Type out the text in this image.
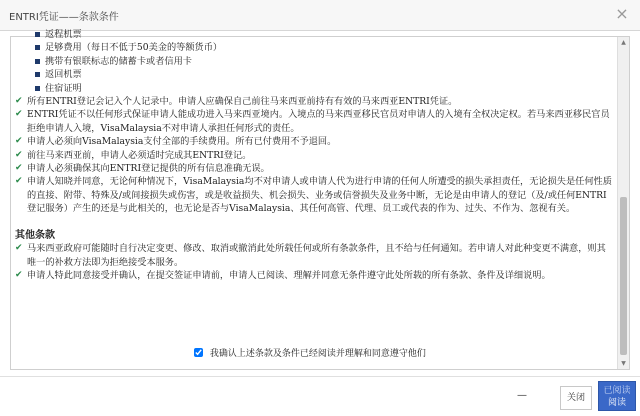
ENTRI凭证——条款条件	×
返程机票
足够费用（每日不低于50美金的等额货币）
携带有银联标志的储蓄卡或者信用卡
返回机票
住宿证明
✔ 所有ENTRI登记会记入个人记录中。申请人应确保自己前往马来西亚前持有有效的马来西亚ENTRI凭证。
✔ ENTRI凭证不以任何形式保证申请人能成功进入马来西亚境内。入境点的马来西亚移民官员对申请人的入境有全权决定权。若马来西亚移民官员拒绝申请人入境，VisaMalaysia不对申请人承担任何形式的责任。
✔ 申请人必须向VisaMalaysia支付全部的手续费用。所有已付费用不予退回。
✔ 前往马来西亚前，申请人必须适时完成其ENTRI登记。
✔ 申请人必须确保其向ENTRI登记提供的所有信息准确无误。
✔ 申请人知晓并同意，无论何种情况下，VisaMalaysia均不对申请人或申请人代为进行申请的任何人所遭受的损失承担责任，无论损失是任何性质的直接、附带、特殊及/或间接损失或伤害，或是收益损失、机会损失、业务或信誉损失及业务中断，无论是由申请人的登记（及/或任何ENTRI登记服务）产生的还是与此相关的，也无论是否与VisaMalaysia、其任何高管、代理、员工或代表的作为、过失、不作为、忽视有关。
其他条款
✔ 马来西亚政府可能随时自行决定变更、修改、取消或撤消此处所载任何或所有条款条件，且不给与任何通知。若申请人对此种变更不满意，则其唯一的补救方法即为拒绝接受本服务。
✔ 申请人特此同意接受并确认，在提交签证申请前，申请人已阅读、理解并同意无条件遵守此处所载的所有条款、条件及详细说明。
▲
▼
我确认上述条款及条件已经阅读并理解和同意遵守他们
—	关闭
已阅读
阅读
